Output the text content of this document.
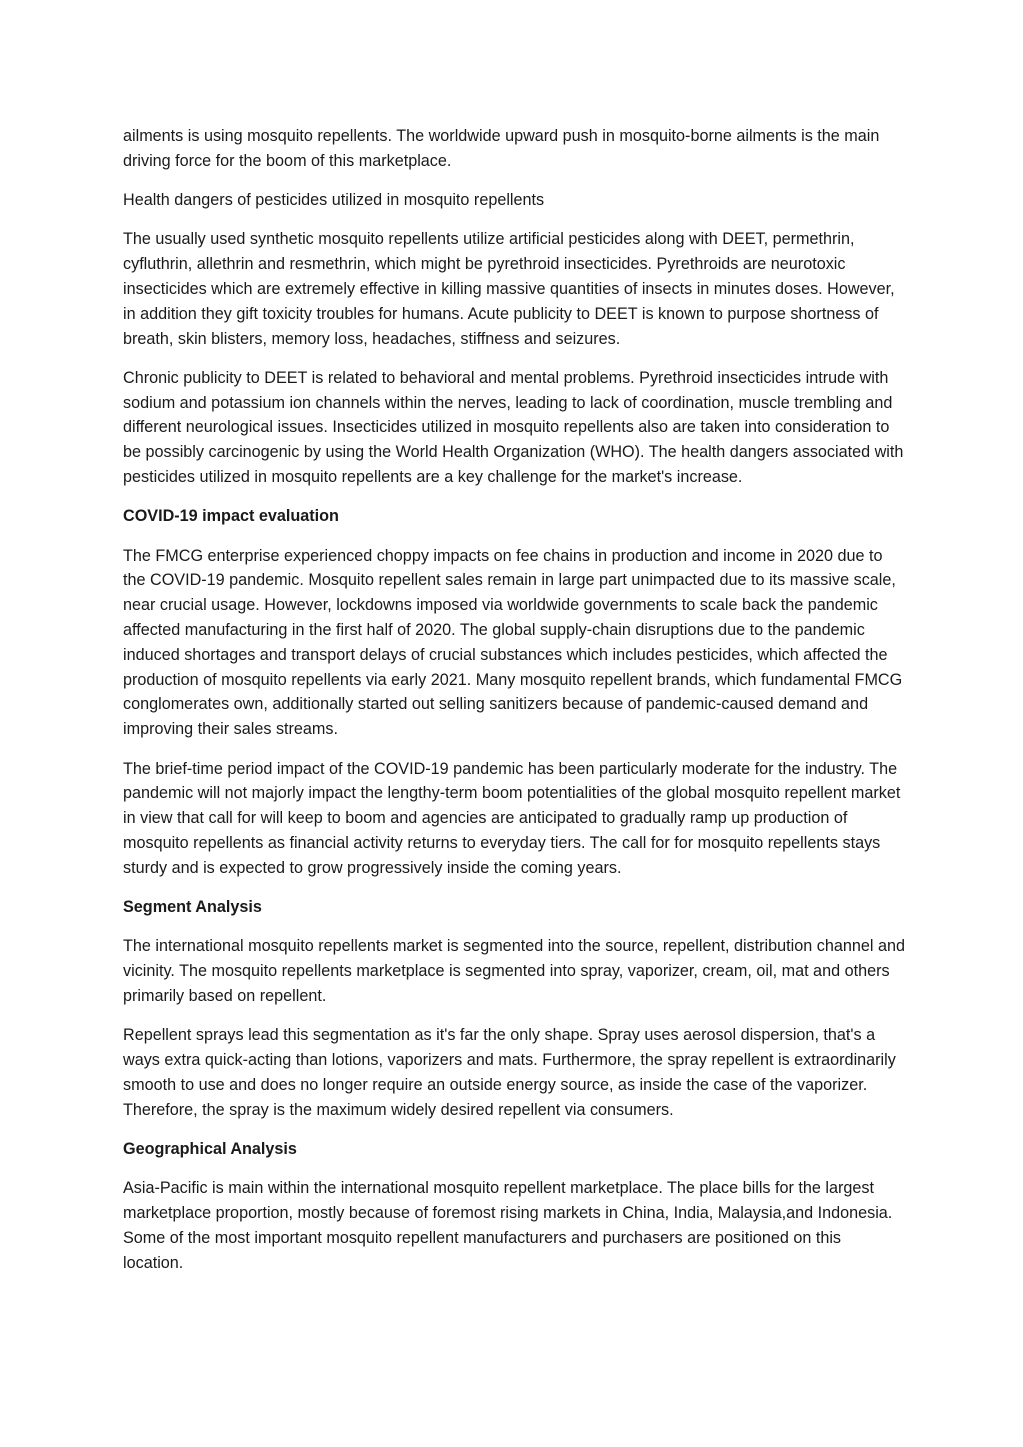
ailments is using mosquito repellents. The worldwide upward push in mosquito-borne ailments is the main driving force for the boom of this marketplace.

Health dangers of pesticides utilized in mosquito repellents

The usually used synthetic mosquito repellents utilize artificial pesticides along with DEET, permethrin, cyfluthrin, allethrin and resmethrin, which might be pyrethroid insecticides. Pyrethroids are neurotoxic insecticides which are extremely effective in killing massive quantities of insects in minutes doses. However, in addition they gift toxicity troubles for humans. Acute publicity to DEET is known to purpose shortness of breath, skin blisters, memory loss, headaches, stiffness and seizures.

Chronic publicity to DEET is related to behavioral and mental problems. Pyrethroid insecticides intrude with sodium and potassium ion channels within the nerves, leading to lack of coordination, muscle trembling and different neurological issues. Insecticides utilized in mosquito repellents also are taken into consideration to be possibly carcinogenic by using the World Health Organization (WHO). The health dangers associated with pesticides utilized in mosquito repellents are a key challenge for the market's increase.

COVID-19 impact evaluation

The FMCG enterprise experienced choppy impacts on fee chains in production and income in 2020 due to the COVID-19 pandemic. Mosquito repellent sales remain in large part unimpacted due to its massive scale, near crucial usage. However, lockdowns imposed via worldwide governments to scale back the pandemic affected manufacturing in the first half of 2020. The global supply-chain disruptions due to the pandemic induced shortages and transport delays of crucial substances which includes pesticides, which affected the production of mosquito repellents via early 2021. Many mosquito repellent brands, which fundamental FMCG conglomerates own, additionally started out selling sanitizers because of pandemic-caused demand and improving their sales streams.

The brief-time period impact of the COVID-19 pandemic has been particularly moderate for the industry. The pandemic will not majorly impact the lengthy-term boom potentialities of the global mosquito repellent market in view that call for will keep to boom and agencies are anticipated to gradually ramp up production of mosquito repellents as financial activity returns to everyday tiers. The call for for mosquito repellents stays sturdy and is expected to grow progressively inside the coming years.

Segment Analysis

The international mosquito repellents market is segmented into the source, repellent, distribution channel and vicinity. The mosquito repellents marketplace is segmented into spray, vaporizer, cream, oil, mat and others primarily based on repellent.

Repellent sprays lead this segmentation as it's far the only shape. Spray uses aerosol dispersion, that's a ways extra quick-acting than lotions, vaporizers and mats. Furthermore, the spray repellent is extraordinarily smooth to use and does no longer require an outside energy source, as inside the case of the vaporizer. Therefore, the spray is the maximum widely desired repellent via consumers.

Geographical Analysis

Asia-Pacific is main within the international mosquito repellent marketplace. The place bills for the largest marketplace proportion, mostly because of foremost rising markets in China, India, Malaysia,and Indonesia. Some of the most important mosquito repellent manufacturers and purchasers are positioned on this location.
